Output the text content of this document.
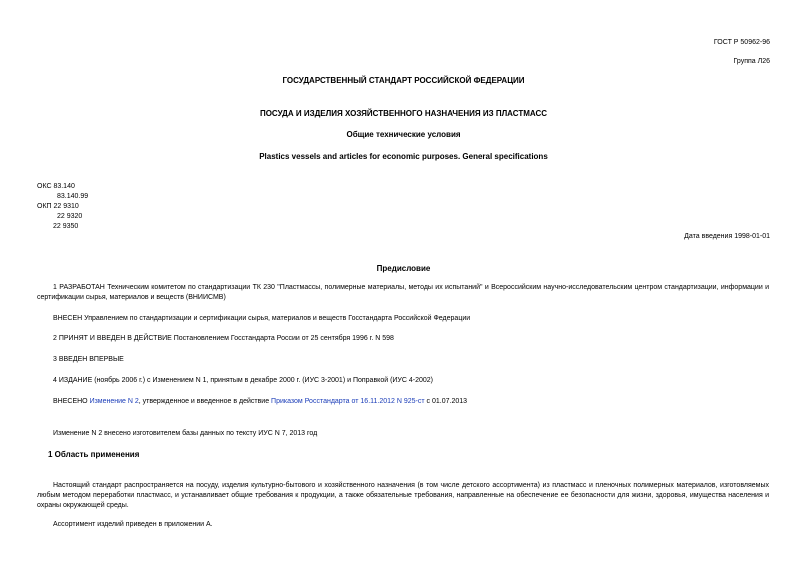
ГОСТ Р 50962-96
Группа Л26
ГОСУДАРСТВЕННЫЙ СТАНДАРТ РОССИЙСКОЙ ФЕДЕРАЦИИ
ПОСУДА И ИЗДЕЛИЯ ХОЗЯЙСТВЕННОГО НАЗНАЧЕНИЯ ИЗ ПЛАСТМАСС
Общие технические условия
Plastics vessels and articles for economic purposes. General specifications
ОКС 83.140
83.140.99
ОКП 22 9310
22 9320
22 9350
Дата введения 1998-01-01
Предисловие
1 РАЗРАБОТАН Техническим комитетом по стандартизации ТК 230 "Пластмассы, полимерные материалы, методы их испытаний" и Всероссийским научно-исследовательским центром стандартизации, информации и сертификации сырья, материалов и веществ (ВНИИСМВ)
ВНЕСЕН Управлением по стандартизации и сертификации сырья, материалов и веществ Госстандарта Российской Федерации
2 ПРИНЯТ И ВВЕДЕН В ДЕЙСТВИЕ Постановлением Госстандарта России от 25 сентября 1996 г. N 598
3 ВВЕДЕН ВПЕРВЫЕ
4 ИЗДАНИЕ (ноябрь 2006 г.) с Изменением N 1, принятым в декабре 2000 г. (ИУС 3-2001) и Поправкой (ИУС 4-2002)
ВНЕСЕНО Изменение N 2, утвержденное и введенное в действие Приказом Росстандарта от 16.11.2012 N 925-ст с 01.07.2013
Изменение N 2 внесено изготовителем базы данных по тексту ИУС N 7, 2013 год
1 Область применения
Настоящий стандарт распространяется на посуду, изделия культурно-бытового и хозяйственного назначения (в том числе детского ассортимента) из пластмасс и пленочных полимерных материалов, изготовляемых любым методом переработки пластмасс, и устанавливает общие требования к продукции, а также обязательные требования, направленные на обеспечение ее безопасности для жизни, здоровья, имущества населения и охраны окружающей среды.
Ассортимент изделий приведен в приложении А.
